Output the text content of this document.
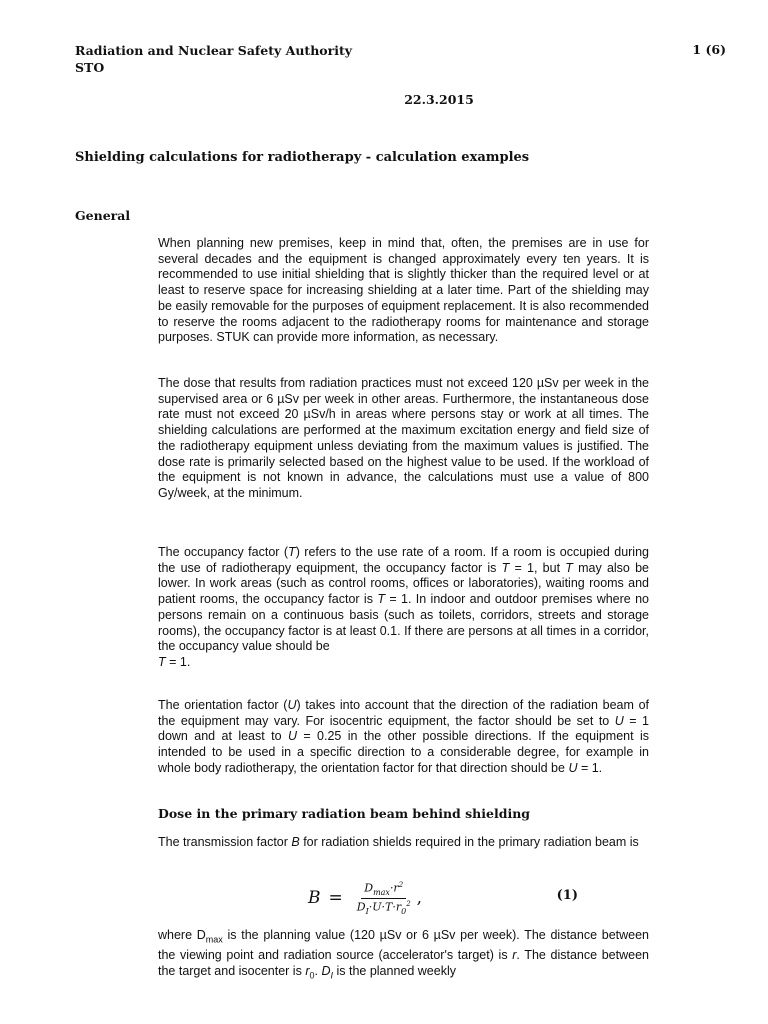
Radiation and Nuclear Safety Authority
STO
1 (6)
22.3.2015
Shielding calculations for radiotherapy - calculation examples
General

When planning new premises, keep in mind that, often, the premises are in use for several decades and the equipment is changed approximately every ten years. It is recommended to use initial shielding that is slightly thicker than the required level or at least to reserve space for increasing shielding at a later time. Part of the shielding may be easily removable for the purposes of equipment replacement. It is also recommended to reserve the rooms adjacent to the radiotherapy rooms for maintenance and storage purposes. STUK can provide more information, as necessary.

The dose that results from radiation practices must not exceed 120 µSv per week in the supervised area or 6 µSv per week in other areas. Furthermore, the instantaneous dose rate must not exceed 20 µSv/h in areas where persons stay or work at all times. The shielding calculations are performed at the maximum excitation energy and field size of the radiotherapy equipment unless deviating from the maximum values is justified. The dose rate is primarily selected based on the highest value to be used. If the workload of the equipment is not known in advance, the calculations must use a value of 800 Gy/week, at the minimum.

The occupancy factor (T) refers to the use rate of a room. If a room is occupied during the use of radiotherapy equipment, the occupancy factor is T = 1, but T may also be lower. In work areas (such as control rooms, offices or laboratories), waiting rooms and patient rooms, the occupancy factor is T = 1. In indoor and outdoor premises where no persons remain on a continuous basis (such as toilets, corridors, streets and storage rooms), the occupancy factor is at least 0.1. If there are persons at all times in a corridor, the occupancy value should be
T = 1.

The orientation factor (U) takes into account that the direction of the radiation beam of the equipment may vary. For isocentric equipment, the factor should be set to U = 1 down and at least to U = 0.25 in the other possible directions. If the equipment is intended to be used in a specific direction to a considerable degree, for example in whole body radiotherapy, the orientation factor for that direction should be U = 1.

Dose in the primary radiation beam behind shielding

The transmission factor B for radiation shields required in the primary radiation beam is

$B = \frac{D_{max}\cdot r^2}{D_I\cdot U\cdot T\cdot r_0^2}$ ,	(1)

where $D_{max}$ is the planning value (120 µSv or 6 µSv per week). The distance between the viewing point and radiation source (accelerator's target) is r. The distance between the target and isocenter is $r_0$. $D_I$ is the planned weekly
